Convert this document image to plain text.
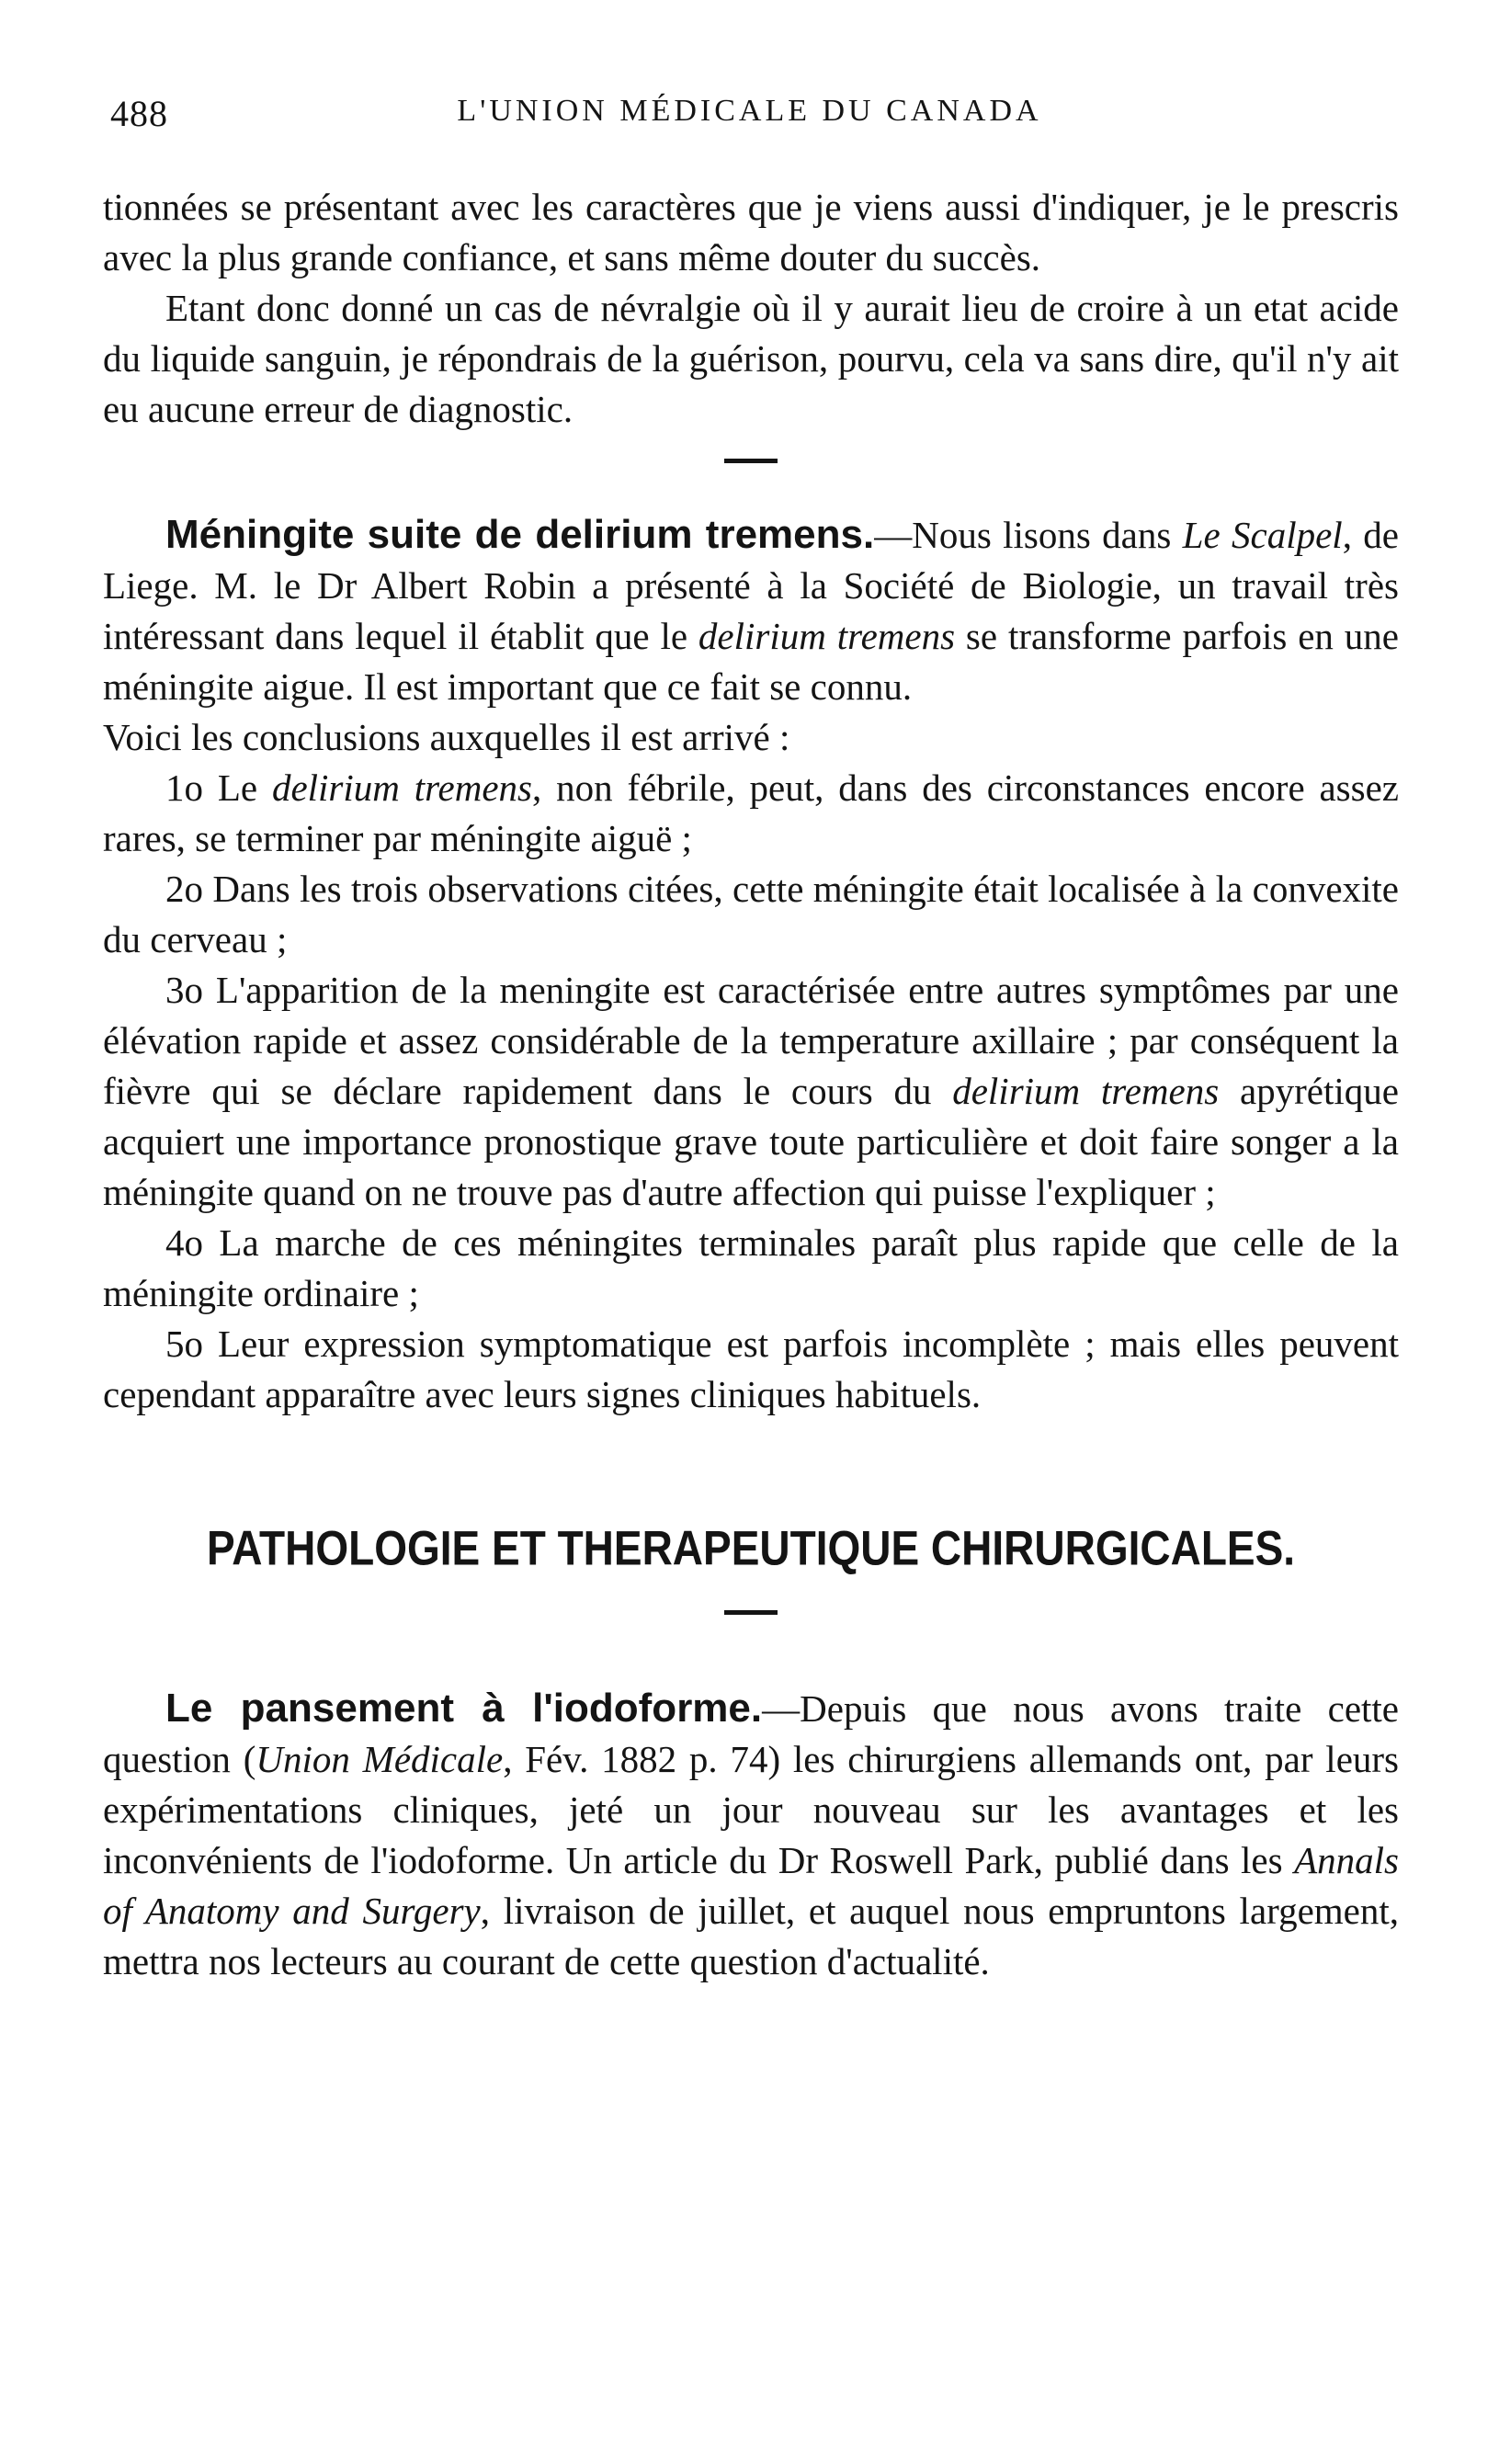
488	L'UNION MÉDICALE DU CANADA

tionnées se présentant avec les caractères que je viens aussi d'indiquer, je le prescris avec la plus grande confiance, et sans même douter du succès.

Etant donc donné un cas de névralgie où il y aurait lieu de croire à un etat acide du liquide sanguin, je répondrais de la guérison, pourvu, cela va sans dire, qu'il n'y ait eu aucune erreur de diagnostic.

Méningite suite de delirium tremens.—Nous lisons dans Le Scalpel, de Liege. M. le Dr Albert Robin a présenté à la Société de Biologie, un travail très intéressant dans lequel il établit que le delirium tremens se transforme parfois en une méningite aigue. Il est important que ce fait se connu.

Voici les conclusions auxquelles il est arrivé :

1o Le delirium tremens, non fébrile, peut, dans des circonstances encore assez rares, se terminer par méningite aiguë ;

2o Dans les trois observations citées, cette méningite était localisée à la convexite du cerveau ;

3o L'apparition de la meningite est caractérisée entre autres symptômes par une élévation rapide et assez considérable de la temperature axillaire ; par conséquent la fièvre qui se déclare rapidement dans le cours du delirium tremens apyrétique acquiert une importance pronostique grave toute particulière et doit faire songer a la méningite quand on ne trouve pas d'autre affection qui puisse l'expliquer ;

4o La marche de ces méningites terminales paraît plus rapide que celle de la méningite ordinaire ;

5o Leur expression symptomatique est parfois incomplète ; mais elles peuvent cependant apparaître avec leurs signes cliniques habituels.

PATHOLOGIE ET THERAPEUTIQUE CHIRURGICALES.

Le pansement à l'iodoforme.—Depuis que nous avons traite cette question (Union Médicale, Fév. 1882 p. 74) les chirurgiens allemands ont, par leurs expérimentations cliniques, jeté un jour nouveau sur les avantages et les inconvénients de l'iodoforme. Un article du Dr Roswell Park, publié dans les Annals of Anatomy and Surgery, livraison de juillet, et auquel nous empruntons largement, mettra nos lecteurs au courant de cette question d'actualité.
